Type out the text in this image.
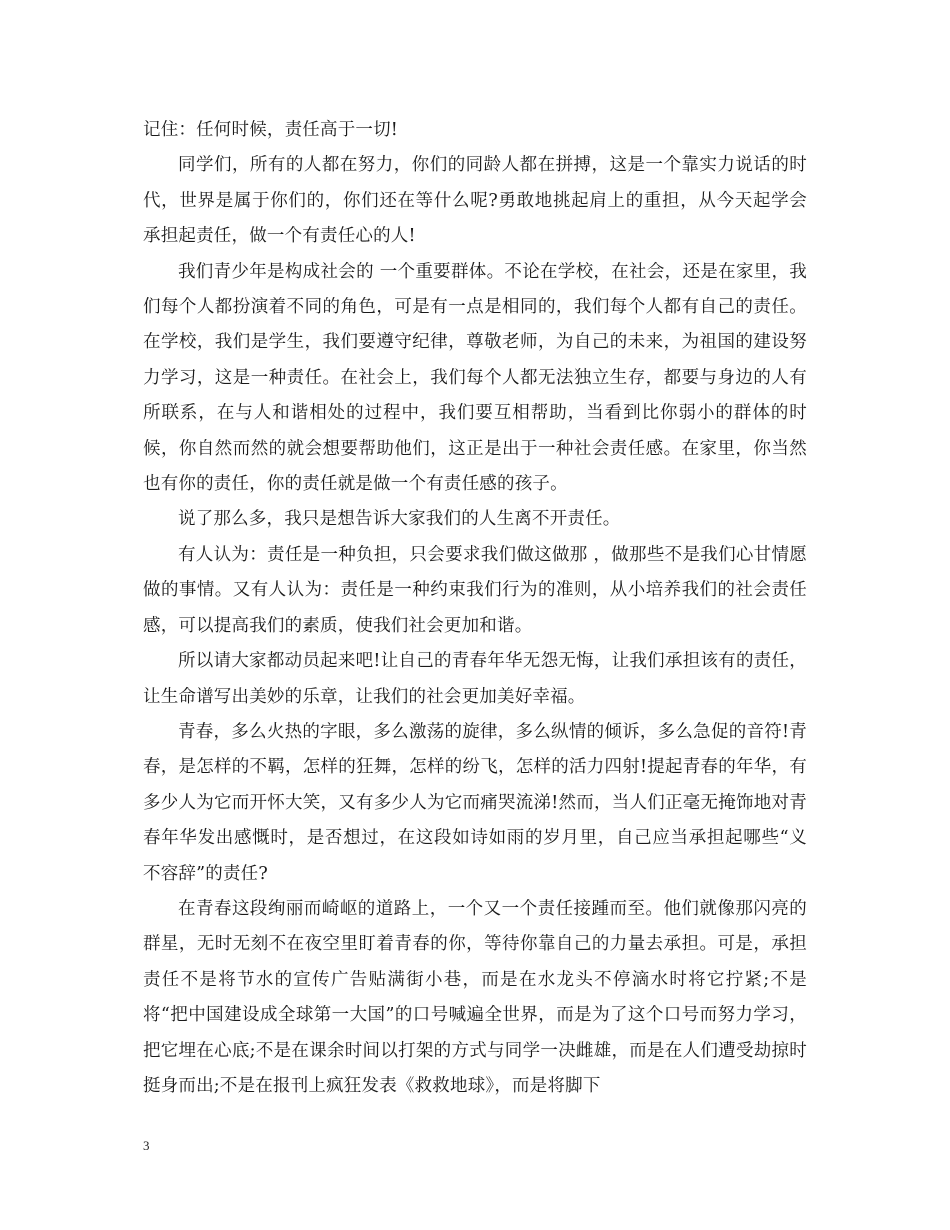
记住：任何时候，责任高于一切!

同学们，所有的人都在努力，你们的同龄人都在拼搏，这是一个靠实力说话的时代，世界是属于你们的，你们还在等什么呢?勇敢地挑起肩上的重担，从今天起学会承担起责任，做一个有责任心的人!

我们青少年是构成社会的 一个重要群体。不论在学校，在社会，还是在家里，我们每个人都扮演着不同的角色，可是有一点是相同的，我们每个人都有自己的责任。在学校，我们是学生，我们要遵守纪律，尊敬老师，为自己的未来，为祖国的建设努力学习，这是一种责任。在社会上，我们每个人都无法独立生存，都要与身边的人有所联系，在与人和谐相处的过程中，我们要互相帮助，当看到比你弱小的群体的时候，你自然而然的就会想要帮助他们，这正是出于一种社会责任感。在家里，你当然也有你的责任，你的责任就是做一个有责任感的孩子。

说了那么多，我只是想告诉大家我们的人生离不开责任。

有人认为：责任是一种负担，只会要求我们做这做那 ，做那些不是我们心甘情愿做的事情。又有人认为：责任是一种约束我们行为的准则，从小培养我们的社会责任感，可以提高我们的素质，使我们社会更加和谐。

所以请大家都动员起来吧!让自己的青春年华无怨无悔，让我们承担该有的责任，让生命谱写出美妙的乐章，让我们的社会更加美好幸福。

青春，多么火热的字眼，多么激荡的旋律，多么纵情的倾诉，多么急促的音符!青春，是怎样的不羁，怎样的狂舞，怎样的纷飞，怎样的活力四射!提起青春的年华，有多少人为它而开怀大笑，又有多少人为它而痛哭流涕!然而，当人们正毫无掩饰地对青春年华发出感慨时，是否想过，在这段如诗如雨的岁月里，自己应当承担起哪些“义不容辞”的责任?

在青春这段绚丽而崎岖的道路上，一个又一个责任接踵而至。他们就像那闪亮的群星，无时无刻不在夜空里盯着青春的你，等待你靠自己的力量去承担。可是，承担责任不是将节水的宣传广告贴满街小巷，而是在水龙头不停滴水时将它拧紧;不是将“把中国建设成全球第一大国”的口号喊遍全世界，而是为了这个口号而努力学习，把它埋在心底;不是在课余时间以打架的方式与同学一决雌雄，而是在人们遭受劫掠时挺身而出;不是在报刊上疯狂发表《救救地球》，而是将脚下

3
